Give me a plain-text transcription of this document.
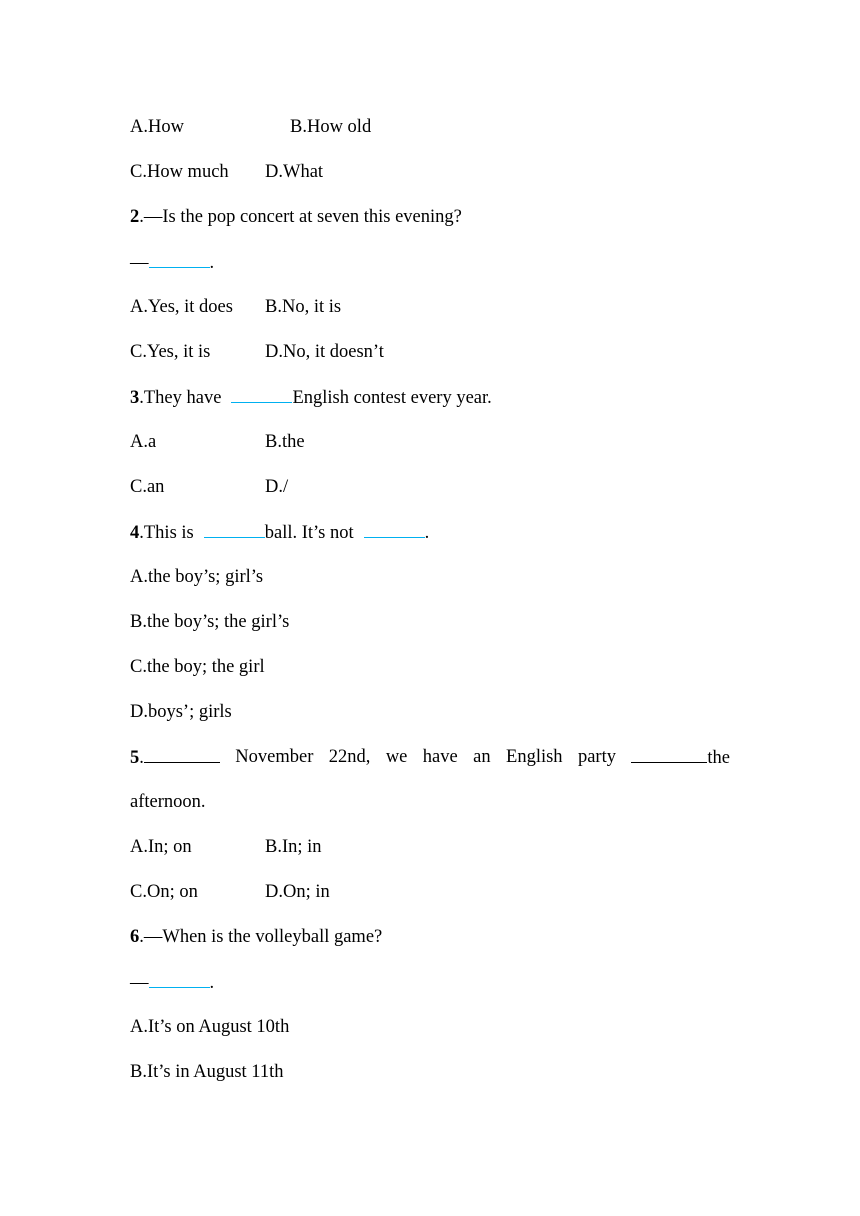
A.How	B.How old
C.How much D.What
2.—Is the pop concert at seven this evening?
—	.
A.Yes, it does B.No, it is
C.Yes, it is	D.No, it doesn’t
3.They have	English contest every year.
A.a	B.the
C.an	D./
4.This is	ball. It’s not	.
A.the boy’s; girl’s
B.the boy’s; the girl’s
C.the boy; the girl
D.boys’; girls
5.	November 22nd, we have an English party	the
afternoon.
A.In; on	B.In; in
C.On; on	D.On; in
6.—When is the volleyball game?
—	.
A.It’s on August 10th
B.It’s in August 11th
